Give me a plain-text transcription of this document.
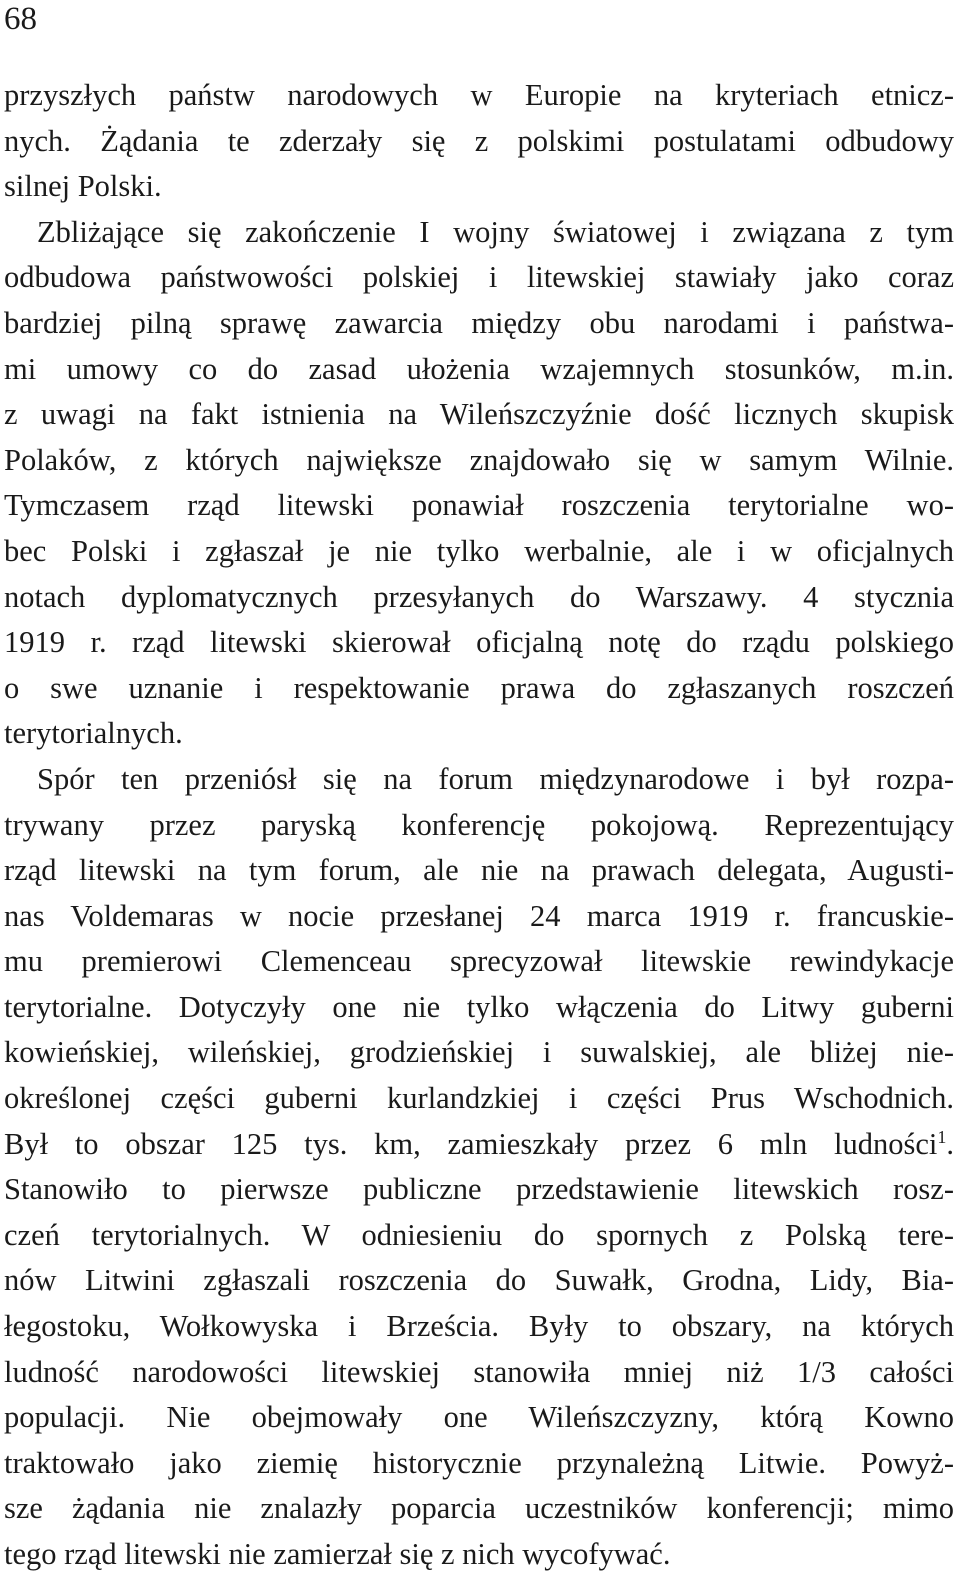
68
przyszłych państw narodowych w Europie na kryteriach etnicz-
nych. Żądania te zderzały się z polskimi postulatami odbudowy
silnej Polski.
Zbliżające się zakończenie I wojny światowej i związana z tym
odbudowa państwowości polskiej i litewskiej stawiały jako coraz
bardziej pilną sprawę zawarcia między obu narodami i państwa-
mi umowy co do zasad ułożenia wzajemnych stosunków, m.in.
z uwagi na fakt istnienia na Wileńszczyźnie dość licznych skupisk
Polaków, z których największe znajdowało się w samym Wilnie.
Tymczasem rząd litewski ponawiał roszczenia terytorialne wo-
bec Polski i zgłaszał je nie tylko werbalnie, ale i w oficjalnych
notach dyplomatycznych przesyłanych do Warszawy. 4 stycznia
1919 r. rząd litewski skierował oficjalną notę do rządu polskiego
o swe uznanie i respektowanie prawa do zgłaszanych roszczeń
terytorialnych.
Spór ten przeniósł się na forum międzynarodowe i był rozpa-
trywany przez paryską konferencję pokojową. Reprezentujący
rząd litewski na tym forum, ale nie na prawach delegata, Augusti-
nas Voldemaras w nocie przesłanej 24 marca 1919 r. francuskie-
mu premierowi Clemenceau sprecyzował litewskie rewindykacje
terytorialne. Dotyczyły one nie tylko włączenia do Litwy guberni
kowieńskiej, wileńskiej, grodzieńskiej i suwalskiej, ale bliżej nie-
określonej części guberni kurlandzkiej i części Prus Wschodnich.
Był to obszar 125 tys. km, zamieszkały przez 6 mln ludności$^1$.
Stanowiło to pierwsze publiczne przedstawienie litewskich rosz-
czeń terytorialnych. W odniesieniu do spornych z Polską tere-
nów Litwini zgłaszali roszczenia do Suwałk, Grodna, Lidy, Bia-
łegostoku, Wołkowyska i Brześcia. Były to obszary, na których
ludność narodowości litewskiej stanowiła mniej niż 1/3 całości
populacji. Nie obejmowały one Wileńszczyzny, którą Kowno
traktowało jako ziemię historycznie przynależną Litwie. Powyż-
sze żądania nie znalazły poparcia uczestników konferencji; mimo
tego rząd litewski nie zamierzał się z nich wycofywać.
